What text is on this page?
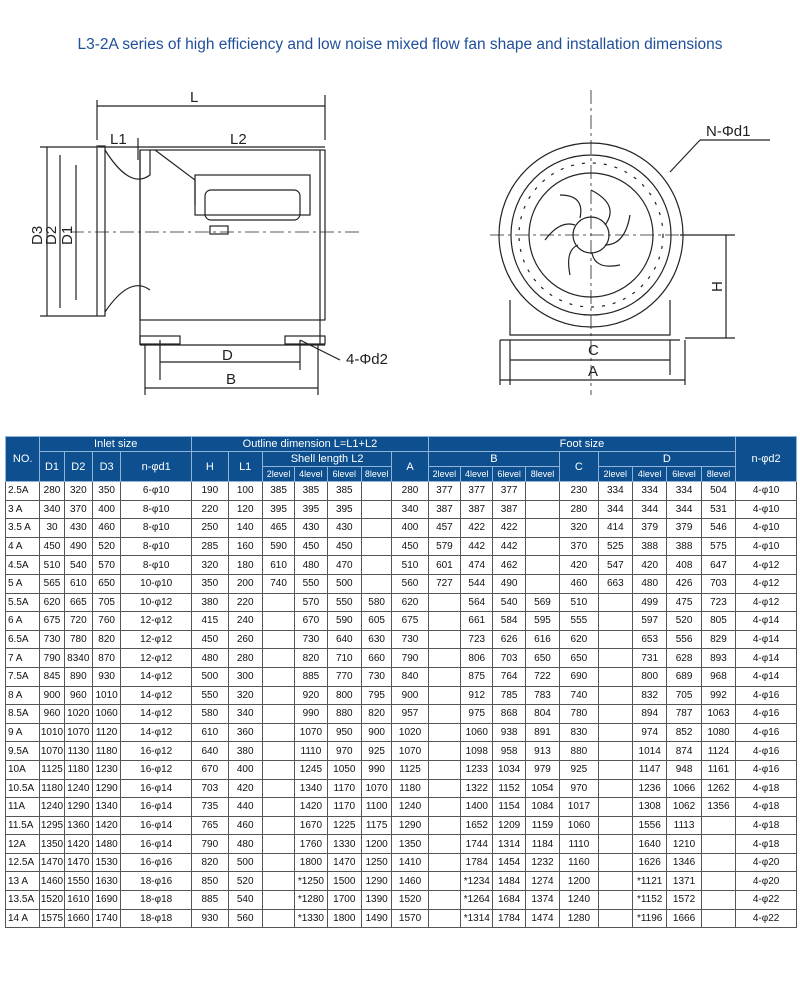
L3-2A series of high efficiency and low noise mixed flow fan shape and installation dimensions
L
L1	L2
D
B
4-Φd2
N-Φd1
C
A
D3
D2 D1
H
NO.	Inlet size				Outline dimension L=L1+L2							Foot size									n-φd2
	D1	D2	D3	n-φd1	H	L1	Shell length L2				A	B				C	D				
							2level	4level	6level	8level		2level	4level	6level	8level		2level	4level	6level	8level	
2.5A	280	320	350	6-φ10	190	100	385	385	385		280	377	377	377		230	334	334	334	504	4-φ10
3 A	340	370	400	8-φ10	220	120	395	395	395		340	387	387	387		280	344	344	344	531	4-φ10
3.5 A	30	430	460	8-φ10	250	140	465	430	430		400	457	422	422		320	414	379	379	546	4-φ10
4 A	450	490	520	8-φ10	285	160	590	450	450		450	579	442	442		370	525	388	388	575	4-φ10
4.5A	510	540	570	8-φ10	320	180	610	480	470		510	601	474	462		420	547	420	408	647	4-φ12
5 A	565	610	650	10-φ10	350	200	740	550	500		560	727	544	490		460	663	480	426	703	4-φ12
5.5A	620	665	705	10-φ12	380	220		570	550	580	620		564	540	569	510		499	475	723	4-φ12
6 A	675	720	760	12-φ12	415	240		670	590	605	675		661	584	595	555		597	520	805	4-φ14
6.5A	730	780	820	12-φ12	450	260		730	640	630	730		723	626	616	620		653	556	829	4-φ14
7 A	790	8340	870	12-φ12	480	280		820	710	660	790		806	703	650	650		731	628	893	4-φ14
7.5A	845	890	930	14-φ12	500	300		885	770	730	840		875	764	722	690		800	689	968	4-φ14
8 A	900	960	1010	14-φ12	550	320		920	800	795	900		912	785	783	740		832	705	992	4-φ16
8.5A	960	1020	1060	14-φ12	580	340		990	880	820	957		975	868	804	780		894	787	1063	4-φ16
9 A	1010	1070	1120	14-φ12	610	360		1070	950	900	1020		1060	938	891	830		974	852	1080	4-φ16
9.5A	1070	1130	1180	16-φ12	640	380		1110	970	925	1070		1098	958	913	880		1014	874	1124	4-φ16
10A	1125	1180	1230	16-φ12	670	400		1245	1050	990	1125		1233	1034	979	925		1147	948	1161	4-φ16
10.5A	1180	1240	1290	16-φ14	703	420		1340	1170	1070	1180		1322	1152	1054	970		1236	1066	1262	4-φ18
11A	1240	1290	1340	16-φ14	735	440		1420	1170	1100	1240		1400	1154	1084	1017		1308	1062	1356	4-φ18
11.5A	1295	1360	1420	16-φ14	765	460		1670	1225	1175	1290		1652	1209	1159	1060		1556	1113		4-φ18
12A	1350	1420	1480	16-φ14	790	480		1760	1330	1200	1350		1744	1314	1184	1110		1640	1210		4-φ18
12.5A	1470	1470	1530	16-φ16	820	500		1800	1470	1250	1410		1784	1454	1232	1160		1626	1346		4-φ20
13 A	1460	1550	1630	18-φ16	850	520		*1250	1500	1290	1460		*1234	1484	1274	1200		*1121	1371		4-φ20
13.5A	1520	1610	1690	18-φ18	885	540		*1280	1700	1390	1520		*1264	1684	1374	1240		*1152	1572		4-φ22
14 A	1575	1660	1740	18-φ18	930	560		*1330	1800	1490	1570		*1314	1784	1474	1280		*1196	1666		4-φ22
